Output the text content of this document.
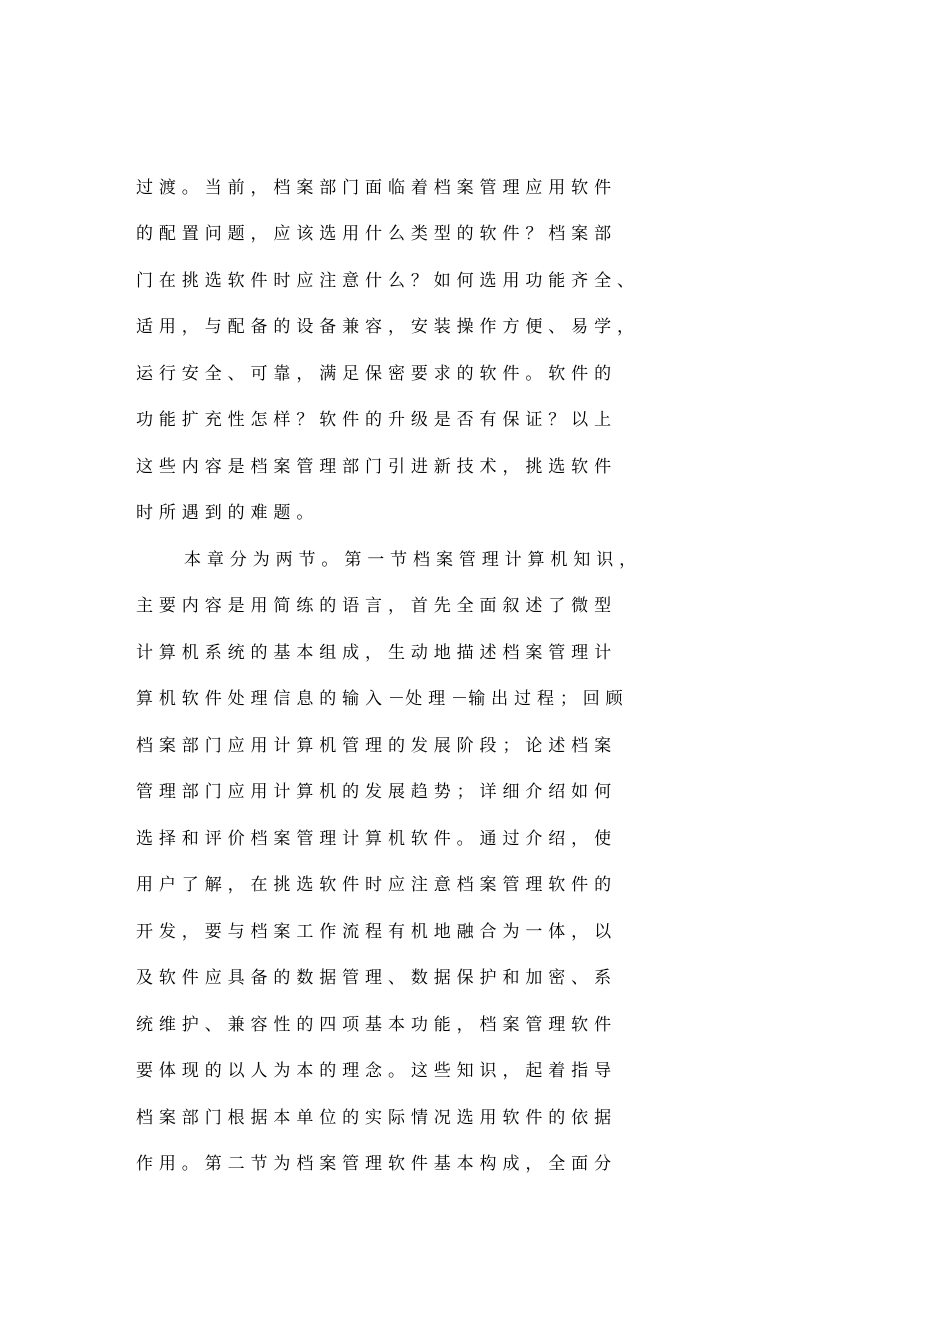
过 渡 。 当 前 ， 档 案 部 门 面 临 着 档 案 管 理 应 用 软 件

的 配 置 问 题 ， 应 该 选 用 什 么 类 型 的 软 件 ？ 档 案 部

门 在 挑 选 软 件 时 应 注 意 什 么 ？ 如 何 选 用 功 能 齐 全 、

适 用 ， 与 配 备 的 设 备 兼 容 ， 安 装 操 作 方 便 、 易 学 ，

运 行 安 全 、 可 靠 ， 满 足 保 密 要 求 的 软 件 。 软 件 的

功 能 扩 充 性 怎 样 ？ 软 件 的 升 级 是 否 有 保 证 ？ 以 上

这 些 内 容 是 档 案 管 理 部 门 引 进 新 技 术 ， 挑 选 软 件

时 所 遇 到 的 难 题 。

本 章 分 为 两 节 。 第 一 节 档 案 管 理 计 算 机 知 识 ，

主 要 内 容 是 用 简 练 的 语 言 ， 首 先 全 面 叙 述 了 微 型

计 算 机 系 统 的 基 本 组 成 ， 生 动 地 描 述 档 案 管 理 计

算 机 软 件 处 理 信 息 的 输 入 －处 理 －输 出 过 程 ； 回 顾

档 案 部 门 应 用 计 算 机 管 理 的 发 展 阶 段 ； 论 述 档 案

管 理 部 门 应 用 计 算 机 的 发 展 趋 势 ； 详 细 介 绍 如 何

选 择 和 评 价 档 案 管 理 计 算 机 软 件 。 通 过 介 绍 ， 使

用 户 了 解 ， 在 挑 选 软 件 时 应 注 意 档 案 管 理 软 件 的

开 发 ， 要 与 档 案 工 作 流 程 有 机 地 融 合 为 一 体 ， 以

及 软 件 应 具 备 的 数 据 管 理 、 数 据 保 护 和 加 密 、 系

统 维 护 、 兼 容 性 的 四 项 基 本 功 能 ， 档 案 管 理 软 件

要 体 现 的 以 人 为 本 的 理 念 。 这 些 知 识 ， 起 着 指 导

档 案 部 门 根 据 本 单 位 的 实 际 情 况 选 用 软 件 的 依 据

作 用 。 第 二 节 为 档 案 管 理 软 件 基 本 构 成 ， 全 面 分
